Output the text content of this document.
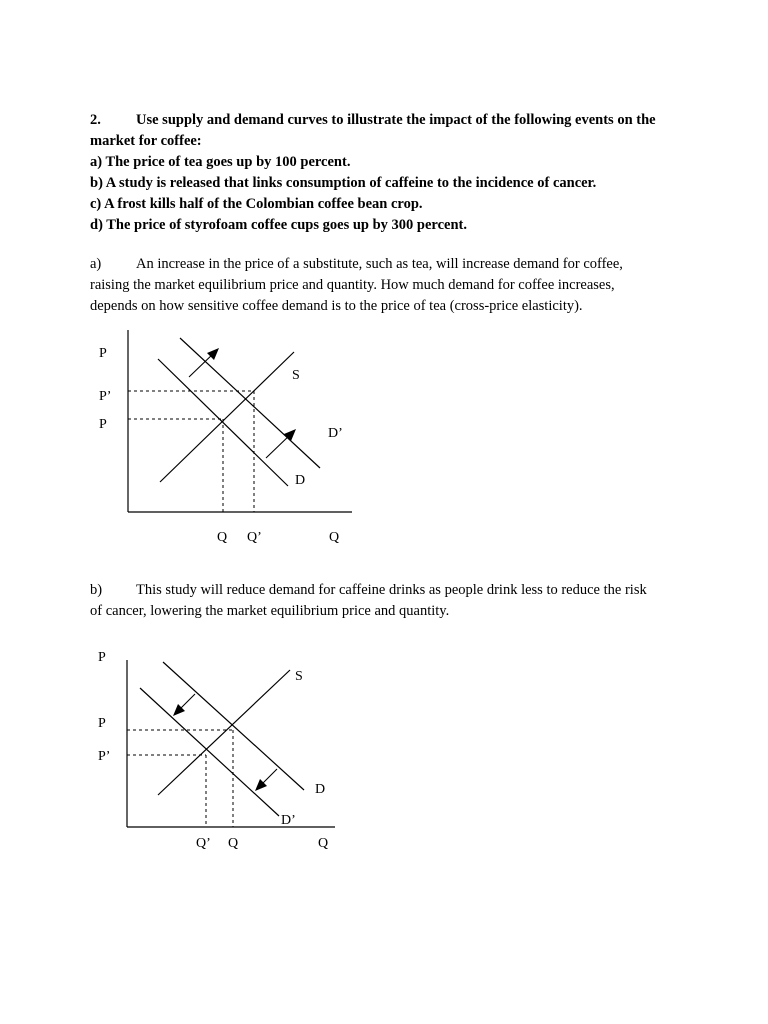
2. Use supply and demand curves to illustrate the impact of the following events on the
market for coffee:
a) The price of tea goes up by 100 percent.
b) A study is released that links consumption of caffeine to the incidence of cancer.
c) A frost kills half of the Colombian coffee bean crop.
d) The price of styrofoam coffee cups goes up by 300 percent.
a) An increase in the price of a substitute, such as tea, will increase demand for coffee,
raising the market equilibrium price and quantity. How much demand for coffee increases,
depends on how sensitive coffee demand is to the price of tea (cross-price elasticity).
P
P’
P
S
D’
D
Q Q’	Q
b) This study will reduce demand for caffeine drinks as people drink less to reduce the risk
of cancer, lowering the market equilibrium price and quantity.
P
P
P’
S
D
D’
Q’ Q	Q
